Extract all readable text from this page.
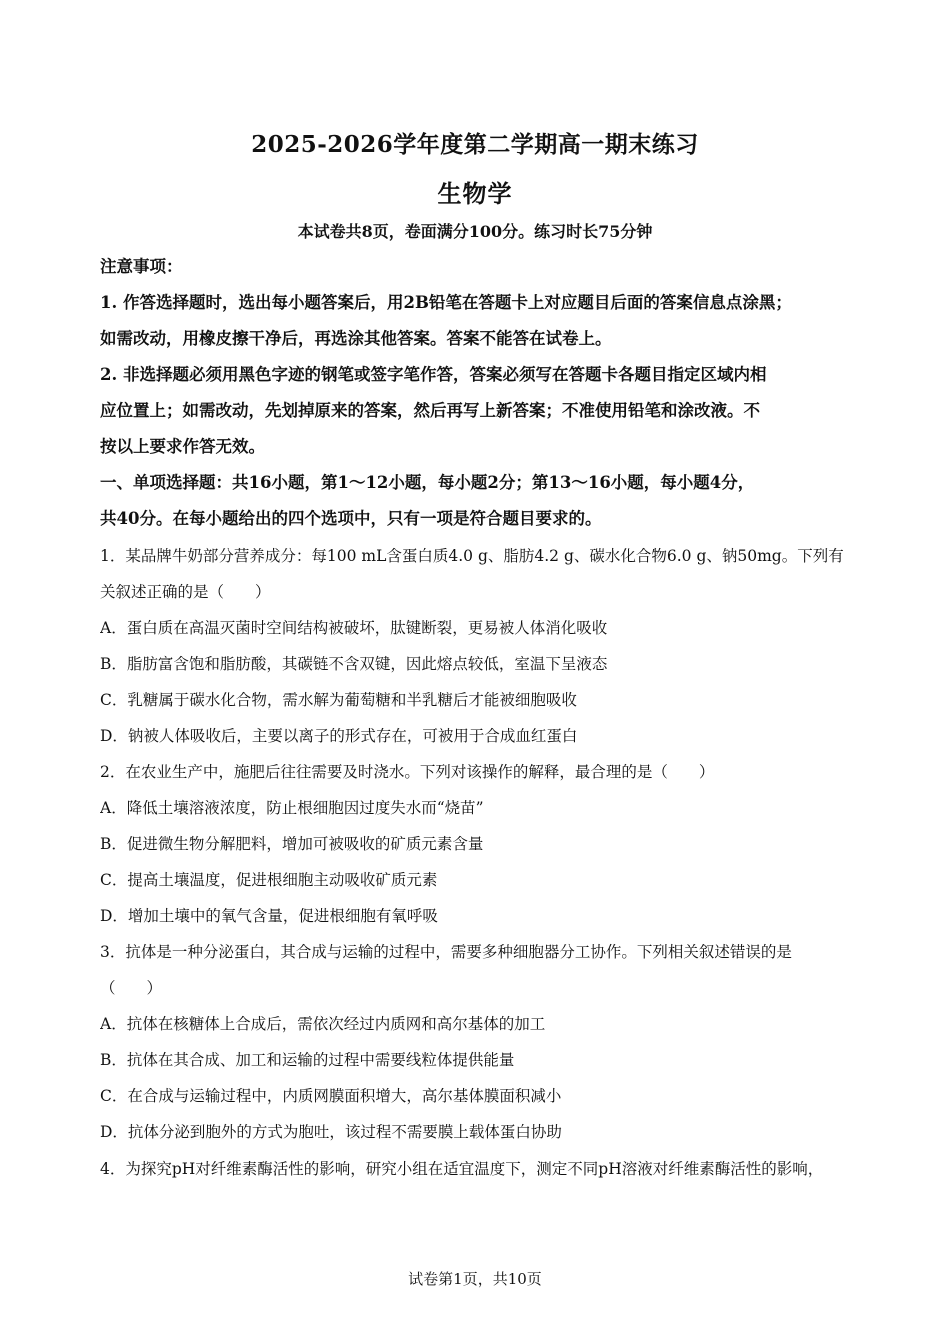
2025-2026学年度第二学期高一期末练习
生物学
本试卷共8页，卷面满分100分。练习时长75分钟
注意事项：
1. 作答选择题时，选出每小题答案后，用2B铅笔在答题卡上对应题目后面的答案信息点涂黑；
如需改动，用橡皮擦干净后，再选涂其他答案。答案不能答在试卷上。
2. 非选择题必须用黑色字迹的钢笔或签字笔作答，答案必须写在答题卡各题目指定区域内相
应位置上；如需改动，先划掉原来的答案，然后再写上新答案；不准使用铅笔和涂改液。不
按以上要求作答无效。
一、单项选择题：共16小题，第1～12小题，每小题2分；第13～16小题，每小题4分，
共40分。在每小题给出的四个选项中，只有一项是符合题目要求的。
1．某品牌牛奶部分营养成分：每100 mL含蛋白质4.0 g、脂肪4.2 g、碳水化合物6.0 g、钠50mg。下列有
关叙述正确的是（　　）
A．蛋白质在高温灭菌时空间结构被破坏，肽键断裂，更易被人体消化吸收
B．脂肪富含饱和脂肪酸，其碳链不含双键，因此熔点较低，室温下呈液态
C．乳糖属于碳水化合物，需水解为葡萄糖和半乳糖后才能被细胞吸收
D．钠被人体吸收后，主要以离子的形式存在，可被用于合成血红蛋白
2．在农业生产中，施肥后往往需要及时浇水。下列对该操作的解释，最合理的是（　　）
A．降低土壤溶液浓度，防止根细胞因过度失水而“烧苗”
B．促进微生物分解肥料，增加可被吸收的矿质元素含量
C．提高土壤温度，促进根细胞主动吸收矿质元素
D．增加土壤中的氧气含量，促进根细胞有氧呼吸
3．抗体是一种分泌蛋白，其合成与运输的过程中，需要多种细胞器分工协作。下列相关叙述错误的是
（　　）
A．抗体在核糖体上合成后，需依次经过内质网和高尔基体的加工
B．抗体在其合成、加工和运输的过程中需要线粒体提供能量
C．在合成与运输过程中，内质网膜面积增大，高尔基体膜面积减小
D．抗体分泌到胞外的方式为胞吐，该过程不需要膜上载体蛋白协助
4．为探究pH对纤维素酶活性的影响，研究小组在适宜温度下，测定不同pH溶液对纤维素酶活性的影响，
试卷第1页，共10页
